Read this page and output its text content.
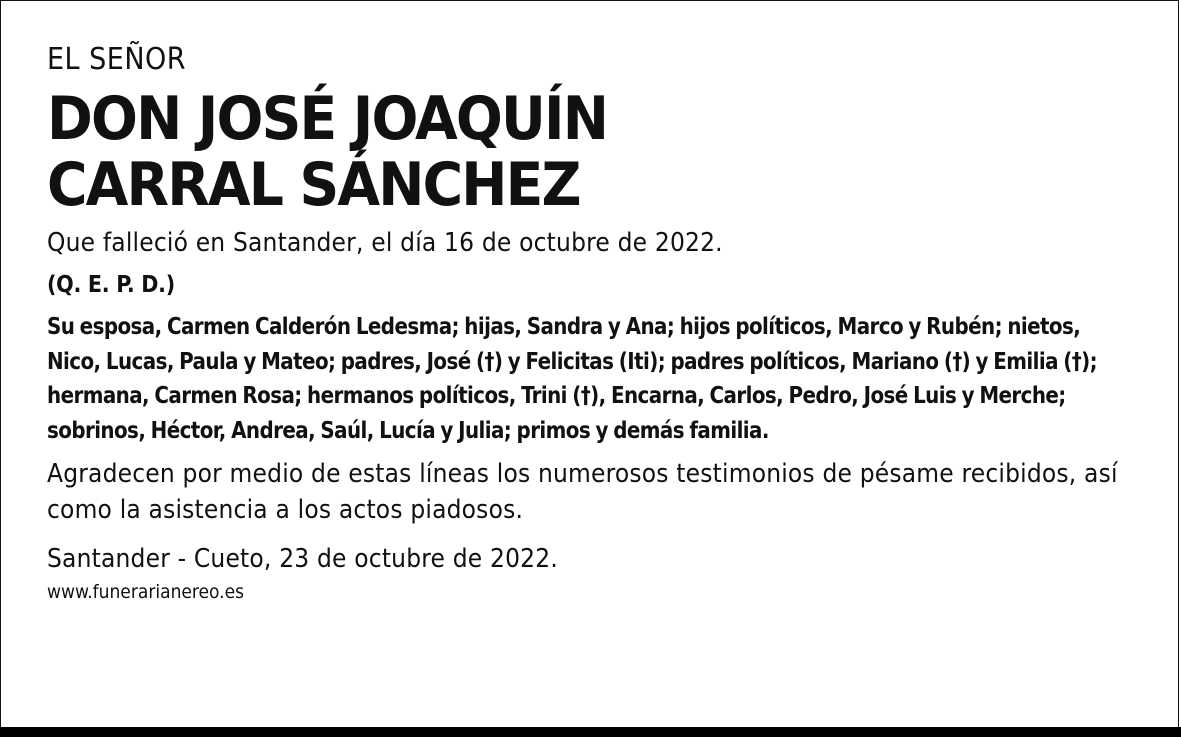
EL SEÑOR

DON JOSÉ JOAQUÍN
CARRAL SÁNCHEZ

Que falleció en Santander, el día 16 de octubre de 2022.

(Q. E. P. D.)

Su esposa, Carmen Calderón Ledesma; hijas, Sandra y Ana; hijos políticos, Marco y Rubén; nietos, Nico, Lucas, Paula y Mateo; padres, José (†) y Felicitas (Iti); padres políticos, Mariano (†) y Emilia (†); hermana, Carmen Rosa; hermanos políticos, Trini (†), Encarna, Carlos, Pedro, José Luis y Merche; sobrinos, Héctor, Andrea, Saúl, Lucía y Julia; primos y demás familia.

Agradecen por medio de estas líneas los numerosos testimonios de pésame recibidos, así como la asistencia a los actos piadosos.

Santander - Cueto, 23 de octubre de 2022.

www.funerarianereo.es
